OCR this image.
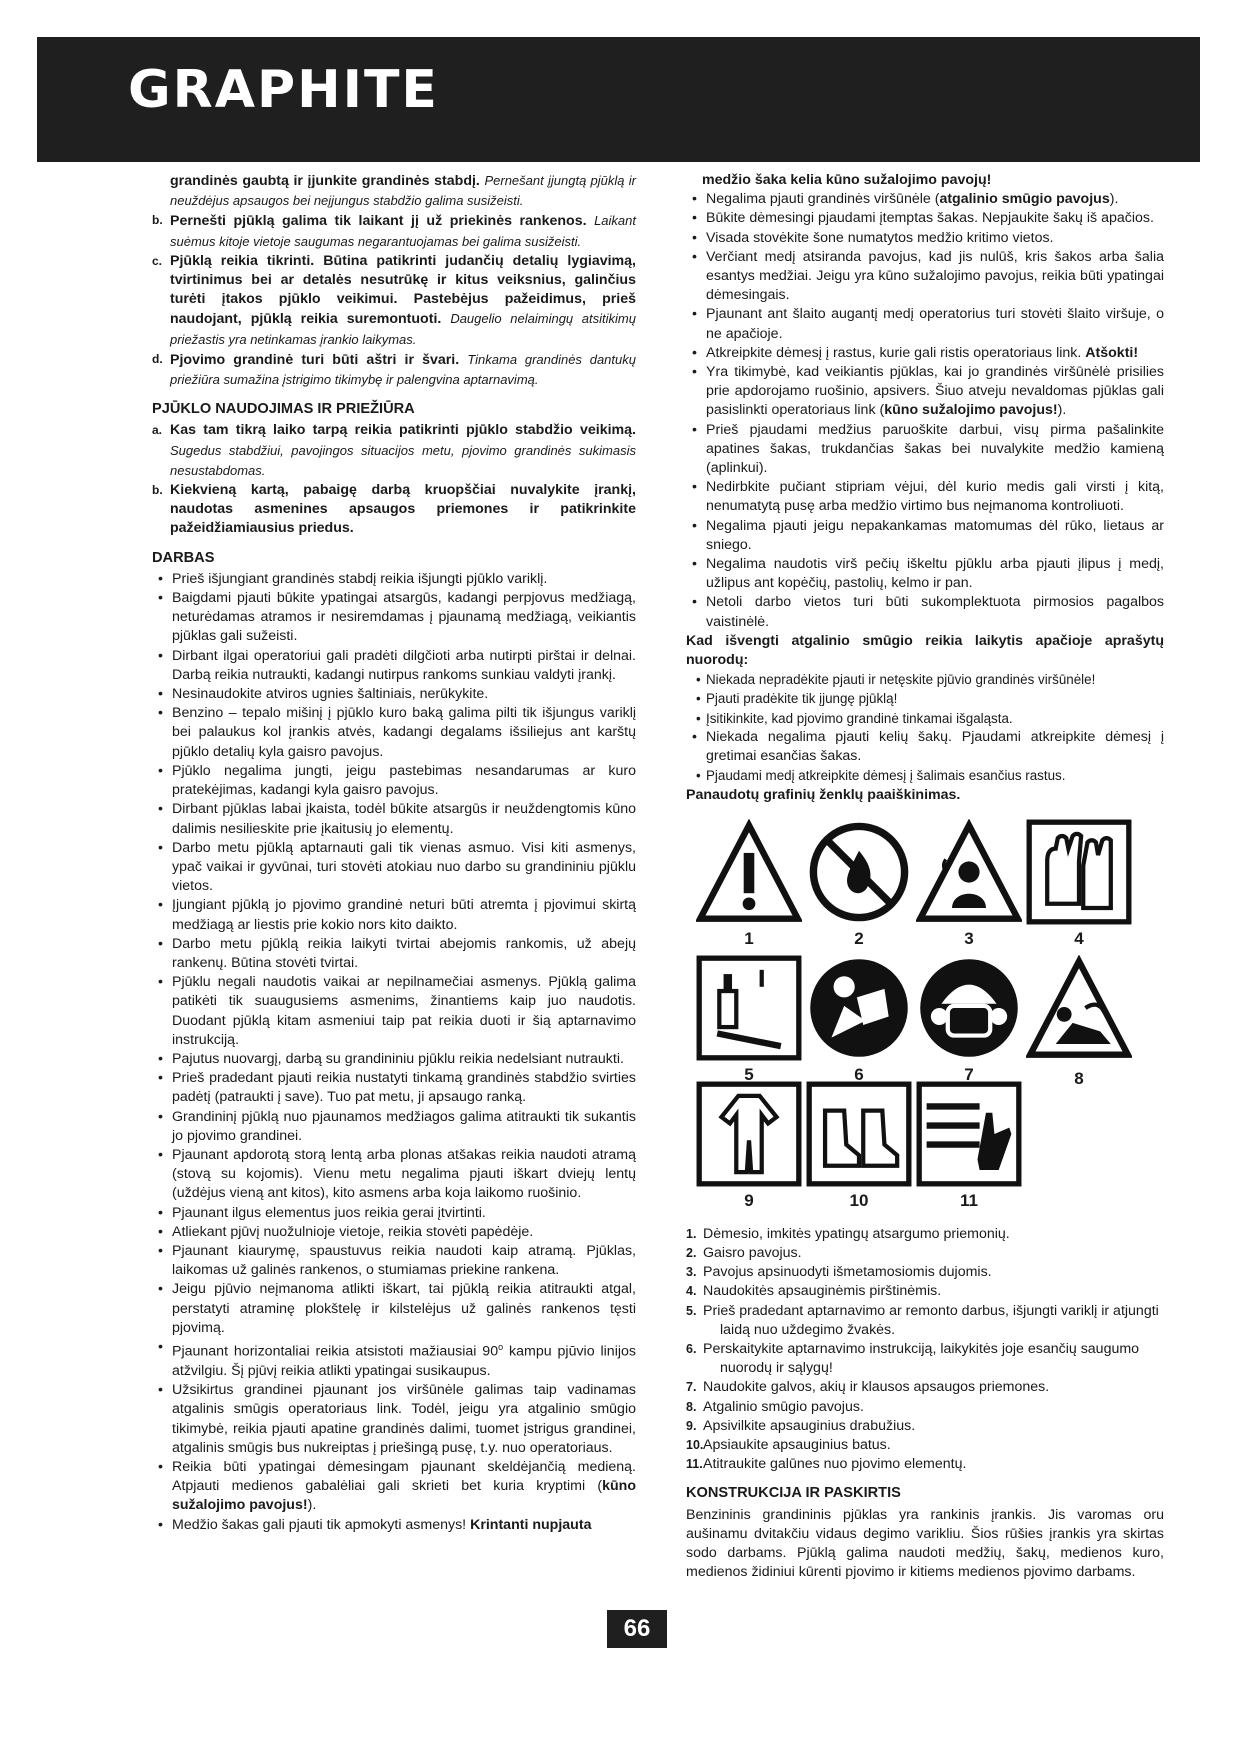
GRAPHITE

grandinės gaubtą ir įjunkite grandinės stabdį. Pernešant įjungtą pjūklą ir neuždėjus apsaugos bei neįjungus stabdžio galima susižeisti.

b. Pernešti pjūklą galima tik laikant jį už priekinės rankenos. Laikant suėmus kitoje vietoje saugumas negarantuojamas bei galima susižeisti.
c. Pjūklą reikia tikrinti. Būtina patikrinti judančių detalių lygiavimą, tvirtinimus bei ar detalės nesutrūkę ir kitus veiksnius, galinčius turėti įtakos pjūklo veikimui. Pastebėjus pažeidimus, prieš naudojant, pjūklą reikia suremontuoti. Daugelio nelaimingų atsitikimų priežastis yra netinkamas įrankio laikymas.
d. Pjovimo grandinė turi būti aštri ir švari. Tinkama grandinės dantukų priežiūra sumažina įstrigimo tikimybę ir palengvina aptarnavimą.
PJŪKLO NAUDOJIMAS IR PRIEŽIŪRA
a. Kas tam tikrą laiko tarpą reikia patikrinti pjūklo stabdžio veikimą. Sugedus stabdžiui, pavojingos situacijos metu, pjovimo grandinės sukimasis nesustabdomas.
b. Kiekvieną kartą, pabaigę darbą kruopščiai nuvalykite įrankį, naudotas asmenines apsaugos priemones ir patikrinkite pažeidžiamiausius priedus.
DARBAS
• Prieš išjungiant grandinės stabdį reikia išjungti pjūklo variklį.
• Baigdami pjauti būkite ypatingai atsargūs, kadangi perpjovus medžiagą, neturėdamas atramos ir nesiremdamas į pjaunamą medžiagą, veikiantis pjūklas gali sužeisti.
• Dirbant ilgai operatoriui gali pradėti dilgčioti arba nutirpti pirštai ir delnai. Darbą reikia nutraukti, kadangi nutirpus rankoms sunkiau valdyti įrankį.
• Nesinaudokite atviros ugnies šaltiniais, nerūkykite.
• Benzino – tepalo mišinį į pjūklo kuro baką galima pilti tik išjungus variklį bei palaukus kol įrankis atvės, kadangi degalams išsiliejus ant karštų pjūklo detalių kyla gaisro pavojus.
• Pjūklo negalima jungti, jeigu pastebimas nesandarumas ar kuro pratekėjimas, kadangi kyla gaisro pavojus.
• Dirbant pjūklas labai įkaista, todėl būkite atsargūs ir neuždengtomis kūno dalimis nesilieskite prie įkaitusių jo elementų.
• Darbo metu pjūklą aptarnauti gali tik vienas asmuo. Visi kiti asmenys, ypač vaikai ir gyvūnai, turi stovėti atokiau nuo darbo su grandininiu pjūklu vietos.
• Įjungiant pjūklą jo pjovimo grandinė neturi būti atremta į pjovimui skirtą medžiagą ar liestis prie kokio nors kito daikto.
• Darbo metu pjūklą reikia laikyti tvirtai abejomis rankomis, už abejų rankenų. Būtina stovėti tvirtai.
• Pjūklu negali naudotis vaikai ar nepilnamečiai asmenys. Pjūklą galima patikėti tik suaugusiems asmenims, žinantiems kaip juo naudotis. Duodant pjūklą kitam asmeniui taip pat reikia duoti ir šią aptarnavimo instrukciją.
• Pajutus nuovargį, darbą su grandininiu pjūklu reikia nedelsiant nutraukti.
• Prieš pradedant pjauti reikia nustatyti tinkamą grandinės stabdžio svirties padėtį (patraukti į save). Tuo pat metu, ji apsaugo ranką.
• Grandininį pjūklą nuo pjaunamos medžiagos galima atitraukti tik sukantis jo pjovimo grandinei.
• Pjaunant apdorotą storą lentą arba plonas atšakas reikia naudoti atramą (stovą su kojomis). Vienu metu negalima pjauti iškart dviejų lentų (uždėjus vieną ant kitos), kito asmens arba koja laikomo ruošinio.
• Pjaunant ilgus elementus juos reikia gerai įtvirtinti.
• Atliekant pjūvį nuožulnioje vietoje, reikia stovėti papėdėje.
• Pjaunant kiaurymę, spaustuvus reikia naudoti kaip atramą. Pjūklas, laikomas už galinės rankenos, o stumiamas priekine rankena.
• Jeigu pjūvio neįmanoma atlikti iškart, tai pjūklą reikia atitraukti atgal, perstatyti atraminę plokštelę ir kilstelėjus už galinės rankenos tęsti pjovimą.
• Pjaunant horizontaliai reikia atsistoti mažiausiai 90$^o$ kampu pjūvio linijos atžvilgiu. Šį pjūvį reikia atlikti ypatingai susikaupus.
• Užsikirtus grandinei pjaunant jos viršūnėle galimas taip vadinamas atgalinis smūgis operatoriaus link. Todėl, jeigu yra atgalinio smūgio tikimybė, reikia pjauti apatine grandinės dalimi, tuomet įstrigus grandinei, atgalinis smūgis bus nukreiptas į priešingą pusę, t.y. nuo operatoriaus.
• Reikia būti ypatingai dėmesingam pjaunant skeldėjančią medieną. Atpjauti medienos gabalėliai gali skrieti bet kuria kryptimi (kūno sužalojimo pavojus!).
• Medžio šakas gali pjauti tik apmokyti asmenys! Krintanti nupjauta

medžio šaka kelia kūno sužalojimo pavojų!

• Negalima pjauti grandinės viršūnėle (atgalinio smūgio pavojus).
• Būkite dėmesingi pjaudami įtemptas šakas. Nepjaukite šakų iš apačios.
• Visada stovėkite šone numatytos medžio kritimo vietos.
• Verčiant medį atsiranda pavojus, kad jis nulūš, kris šakos arba šalia esantys medžiai. Jeigu yra kūno sužalojimo pavojus, reikia būti ypatingai dėmesingais.
• Pjaunant ant šlaito augantį medį operatorius turi stovėti šlaito viršuje, o ne apačioje.
• Atkreipkite dėmesį į rastus, kurie gali ristis operatoriaus link. Atšokti!
• Yra tikimybė, kad veikiantis pjūklas, kai jo grandinės viršūnėlė prisilies prie apdorojamo ruošinio, apsivers. Šiuo atveju nevaldomas pjūklas gali pasislinkti operatoriaus link (kūno sužalojimo pavojus!).
• Prieš pjaudami medžius paruoškite darbui, visų pirma pašalinkite apatines šakas, trukdančias šakas bei nuvalykite medžio kamieną (aplinkui).
• Nedirbkite pučiant stipriam vėjui, dėl kurio medis gali virsti į kitą, nenumatytą pusę arba medžio virtimo bus neįmanoma kontroliuoti.
• Negalima pjauti jeigu nepakankamas matomumas dėl rūko, lietaus ar sniego.
• Negalima naudotis virš pečių iškeltu pjūklu arba pjauti įlipus į medį, užlipus ant kopėčių, pastolių, kelmo ir pan.
• Netoli darbo vietos turi būti sukomplektuota pirmosios pagalbos vaistinėlė.

Kad išvengti atgalinio smūgio reikia laikytis apačioje aprašytų nuorodų:

• Niekada nepradėkite pjauti ir netęskite pjūvio grandinės viršūnėle!
• Pjauti pradėkite tik įjungę pjūklą!
• Įsitikinkite, kad pjovimo grandinė tinkamai išgaląsta.
• Niekada negalima pjauti kelių šakų. Pjaudami atkreipkite dėmesį į gretimai esančias šakas.
• Pjaudami medį atkreipkite dėmesį į šalimais esančius rastus.

Panaudotų grafinių ženklų paaiškinimas.

1	2	3	4
5	6	7	8
9	10	11
1. Dėmesio, imkitės ypatingų atsargumo priemonių.
2. Gaisro pavojus.
3. Pavojus apsinuodyti išmetamosiomis dujomis.
4. Naudokitės apsauginėmis pirštinėmis.
5. Prieš pradedant aptarnavimo ar remonto darbus, išjungti variklį ir atjungti laidą nuo uždegimo žvakės.
6. Perskaitykite aptarnavimo instrukciją, laikykitės joje esančių saugumo nuorodų ir sąlygų!
7. Naudokite galvos, akių ir klausos apsaugos priemones.
8. Atgalinio smūgio pavojus.
9. Apsivilkite apsauginius drabužius.
10. Apsiaukite apsauginius batus.
11. Atitraukite galūnes nuo pjovimo elementų.
KONSTRUKCIJA IR PASKIRTIS

Benzininis grandininis pjūklas yra rankinis įrankis. Jis varomas oru aušinamu dvitakčiu vidaus degimo varikliu. Šios rūšies įrankis yra skirtas sodo darbams. Pjūklą galima naudoti medžių, šakų, medienos kuro, medienos židiniui kūrenti pjovimo ir kitiems medienos pjovimo darbams.

66
